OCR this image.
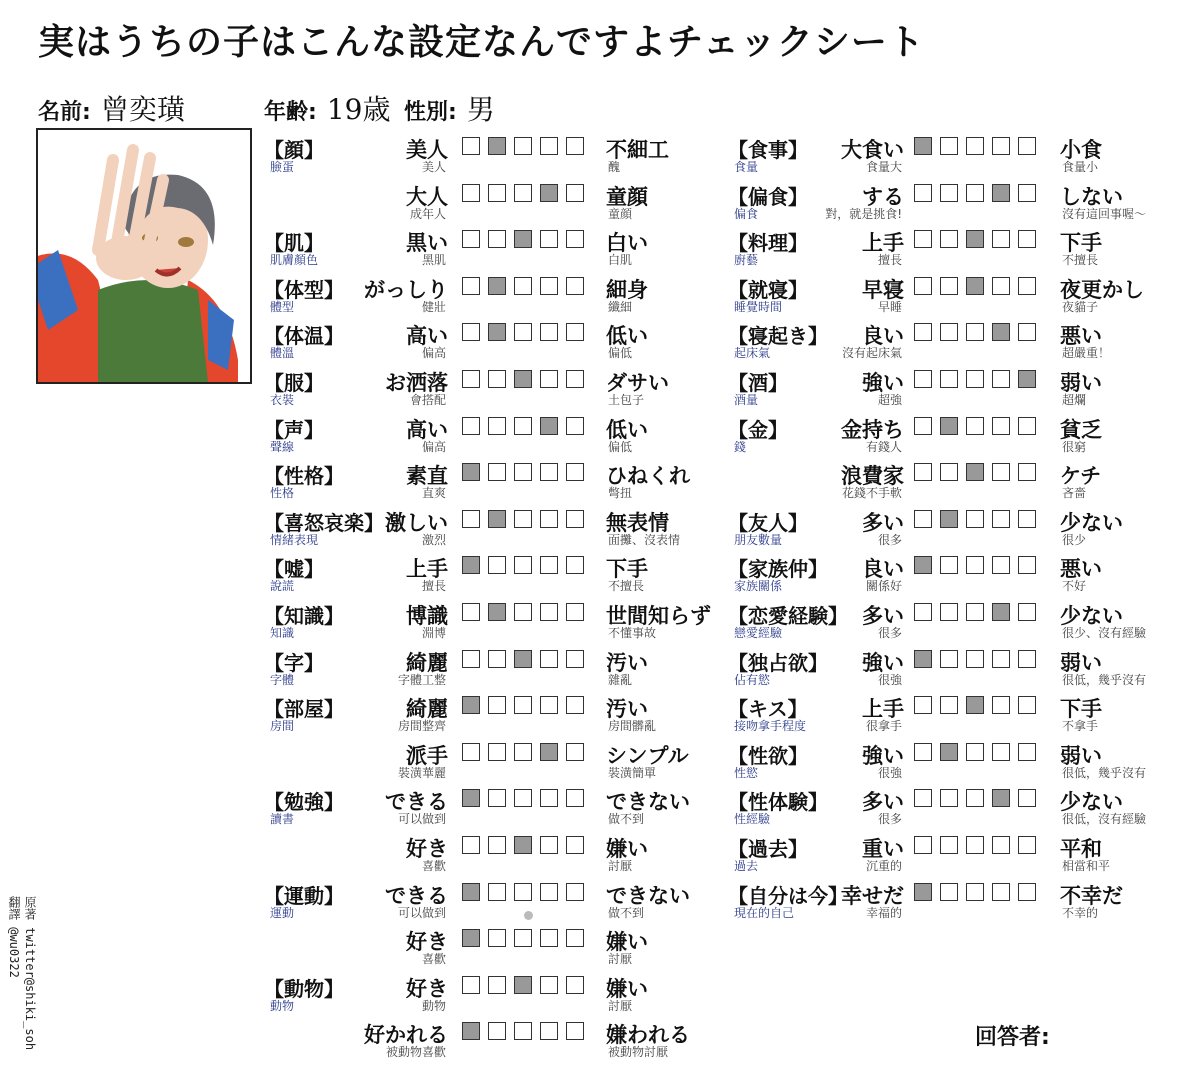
実はうちの子はこんな設定なんですよチェックシート
名前: 曾奕璜	年齢: 19歳 性別: 男
【顔】
臉蛋
美人
美人
不細工
醜
大人
成年人
童顔
童顔
【肌】
肌膚顏色
黒い
黑肌
白い
白肌
【体型】
體型
がっしり
健壯
細身
纖細
【体温】
體溫
高い
偏高
低い
偏低
【服】
衣裝
お洒落
會搭配
ダサい
土包子
【声】
聲線
高い
偏高
低い
偏低
【性格】
性格
素直
直爽
ひねくれ
彆扭
【喜怒哀楽】
情緒表現
激しい
激烈
無表情
面攤、沒表情
【嘘】
說謊
上手
擅長
下手
不擅長
【知識】
知識
博識
淵博
世間知らず
不懂事故
【字】
字體
綺麗
字體工整
汚い
雜亂
【部屋】
房間
綺麗
房間整齊
汚い
房間髒亂
派手
裝潢華麗
シンプル
裝潢簡單
【勉強】
讀書
できる
可以做到
できない
做不到
好き
喜歡
嫌い
討厭
【運動】
運動
できる
可以做到
できない
做不到
好き
喜歡
嫌い
討厭
【動物】
動物
好き
動物
嫌い
討厭
好かれる
被動物喜歡
嫌われる
被動物討厭
【食事】
食量
大食い
食量大
小食
食量小
【偏食】
偏食
する
對，就是挑食!
しない
沒有這回事喔～
【料理】
廚藝
上手
擅長
下手
不擅長
【就寝】
睡覺時間
早寝
早睡
夜更かし
夜貓子
【寝起き】
起床氣
良い
沒有起床氣
悪い
超嚴重！
【酒】
酒量
強い
超強
弱い
超爛
【金】
錢
金持ち
有錢人
貧乏
很窮
浪費家
花錢不手軟
ケチ
吝嗇
【友人】
朋友數量
多い
很多
少ない
很少
【家族仲】
家族關係
良い
關係好
悪い
不好
【恋愛経験】
戀愛經驗
多い
很多
少ない
很少、沒有經驗
【独占欲】
佔有慾
強い
很強
弱い
很低，幾乎沒有
【キス】
接吻拿手程度
上手
很拿手
下手
不拿手
【性欲】
性慾
強い
很強
弱い
很低，幾乎沒有
【性体験】
性經驗
多い
很多
少ない
很低，沒有經驗
【過去】
過去
重い
沉重的
平和
相當和平
【自分は今】
現在的自己
幸せだ
幸福的
不幸だ
不幸的
原著 twitter@shiki_soh
翻譯 @wu0322
回答者:
